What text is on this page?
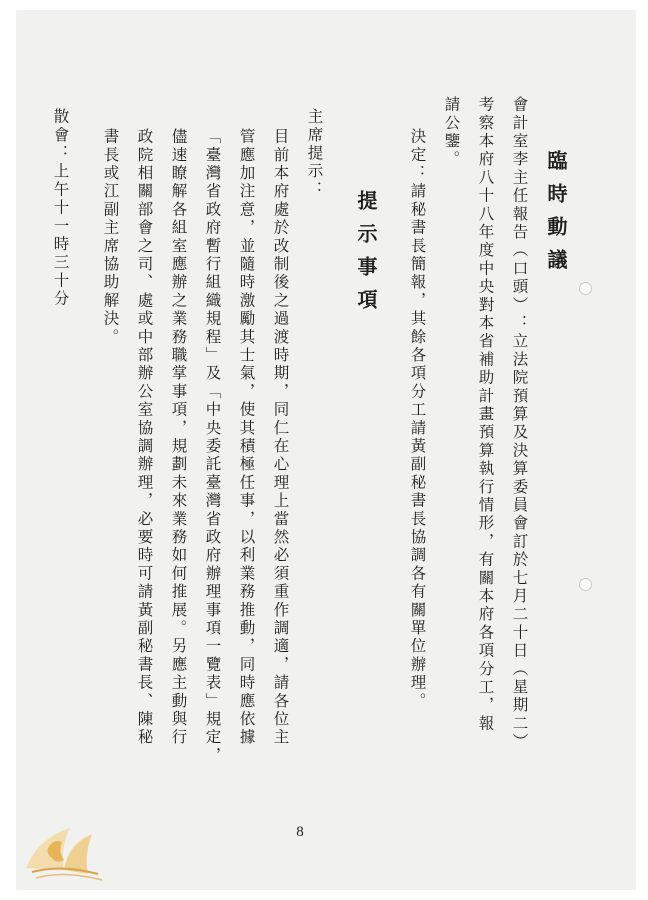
臨時動議
會計室李主任報告（口頭）：立法院預算及決算委員會訂於七月二十日（星期二）
考察本府八十八年度中央對本省補助計畫預算執行情形，有關本府各項分工，報
請公鑒。
決定：請秘書長簡報，其餘各項分工請黃副秘書長協調各有關單位辦理。
提示事項
主席提示：
目前本府處於改制後之過渡時期，同仁在心理上當然必須重作調適，請各位主
管應加注意，並隨時激勵其士氣，使其積極任事，以利業務推動，同時應依據
「臺灣省政府暫行組織規程」及「中央委託臺灣省政府辦理事項一覽表」規定，
儘速瞭解各組室應辦之業務職掌事項，規劃未來業務如何推展。另應主動與行
政院相關部會之司、處或中部辦公室協調辦理，必要時可請黃副秘書長、陳秘
書長或江副主席協助解決。
散會：上午十一時三十分
8
